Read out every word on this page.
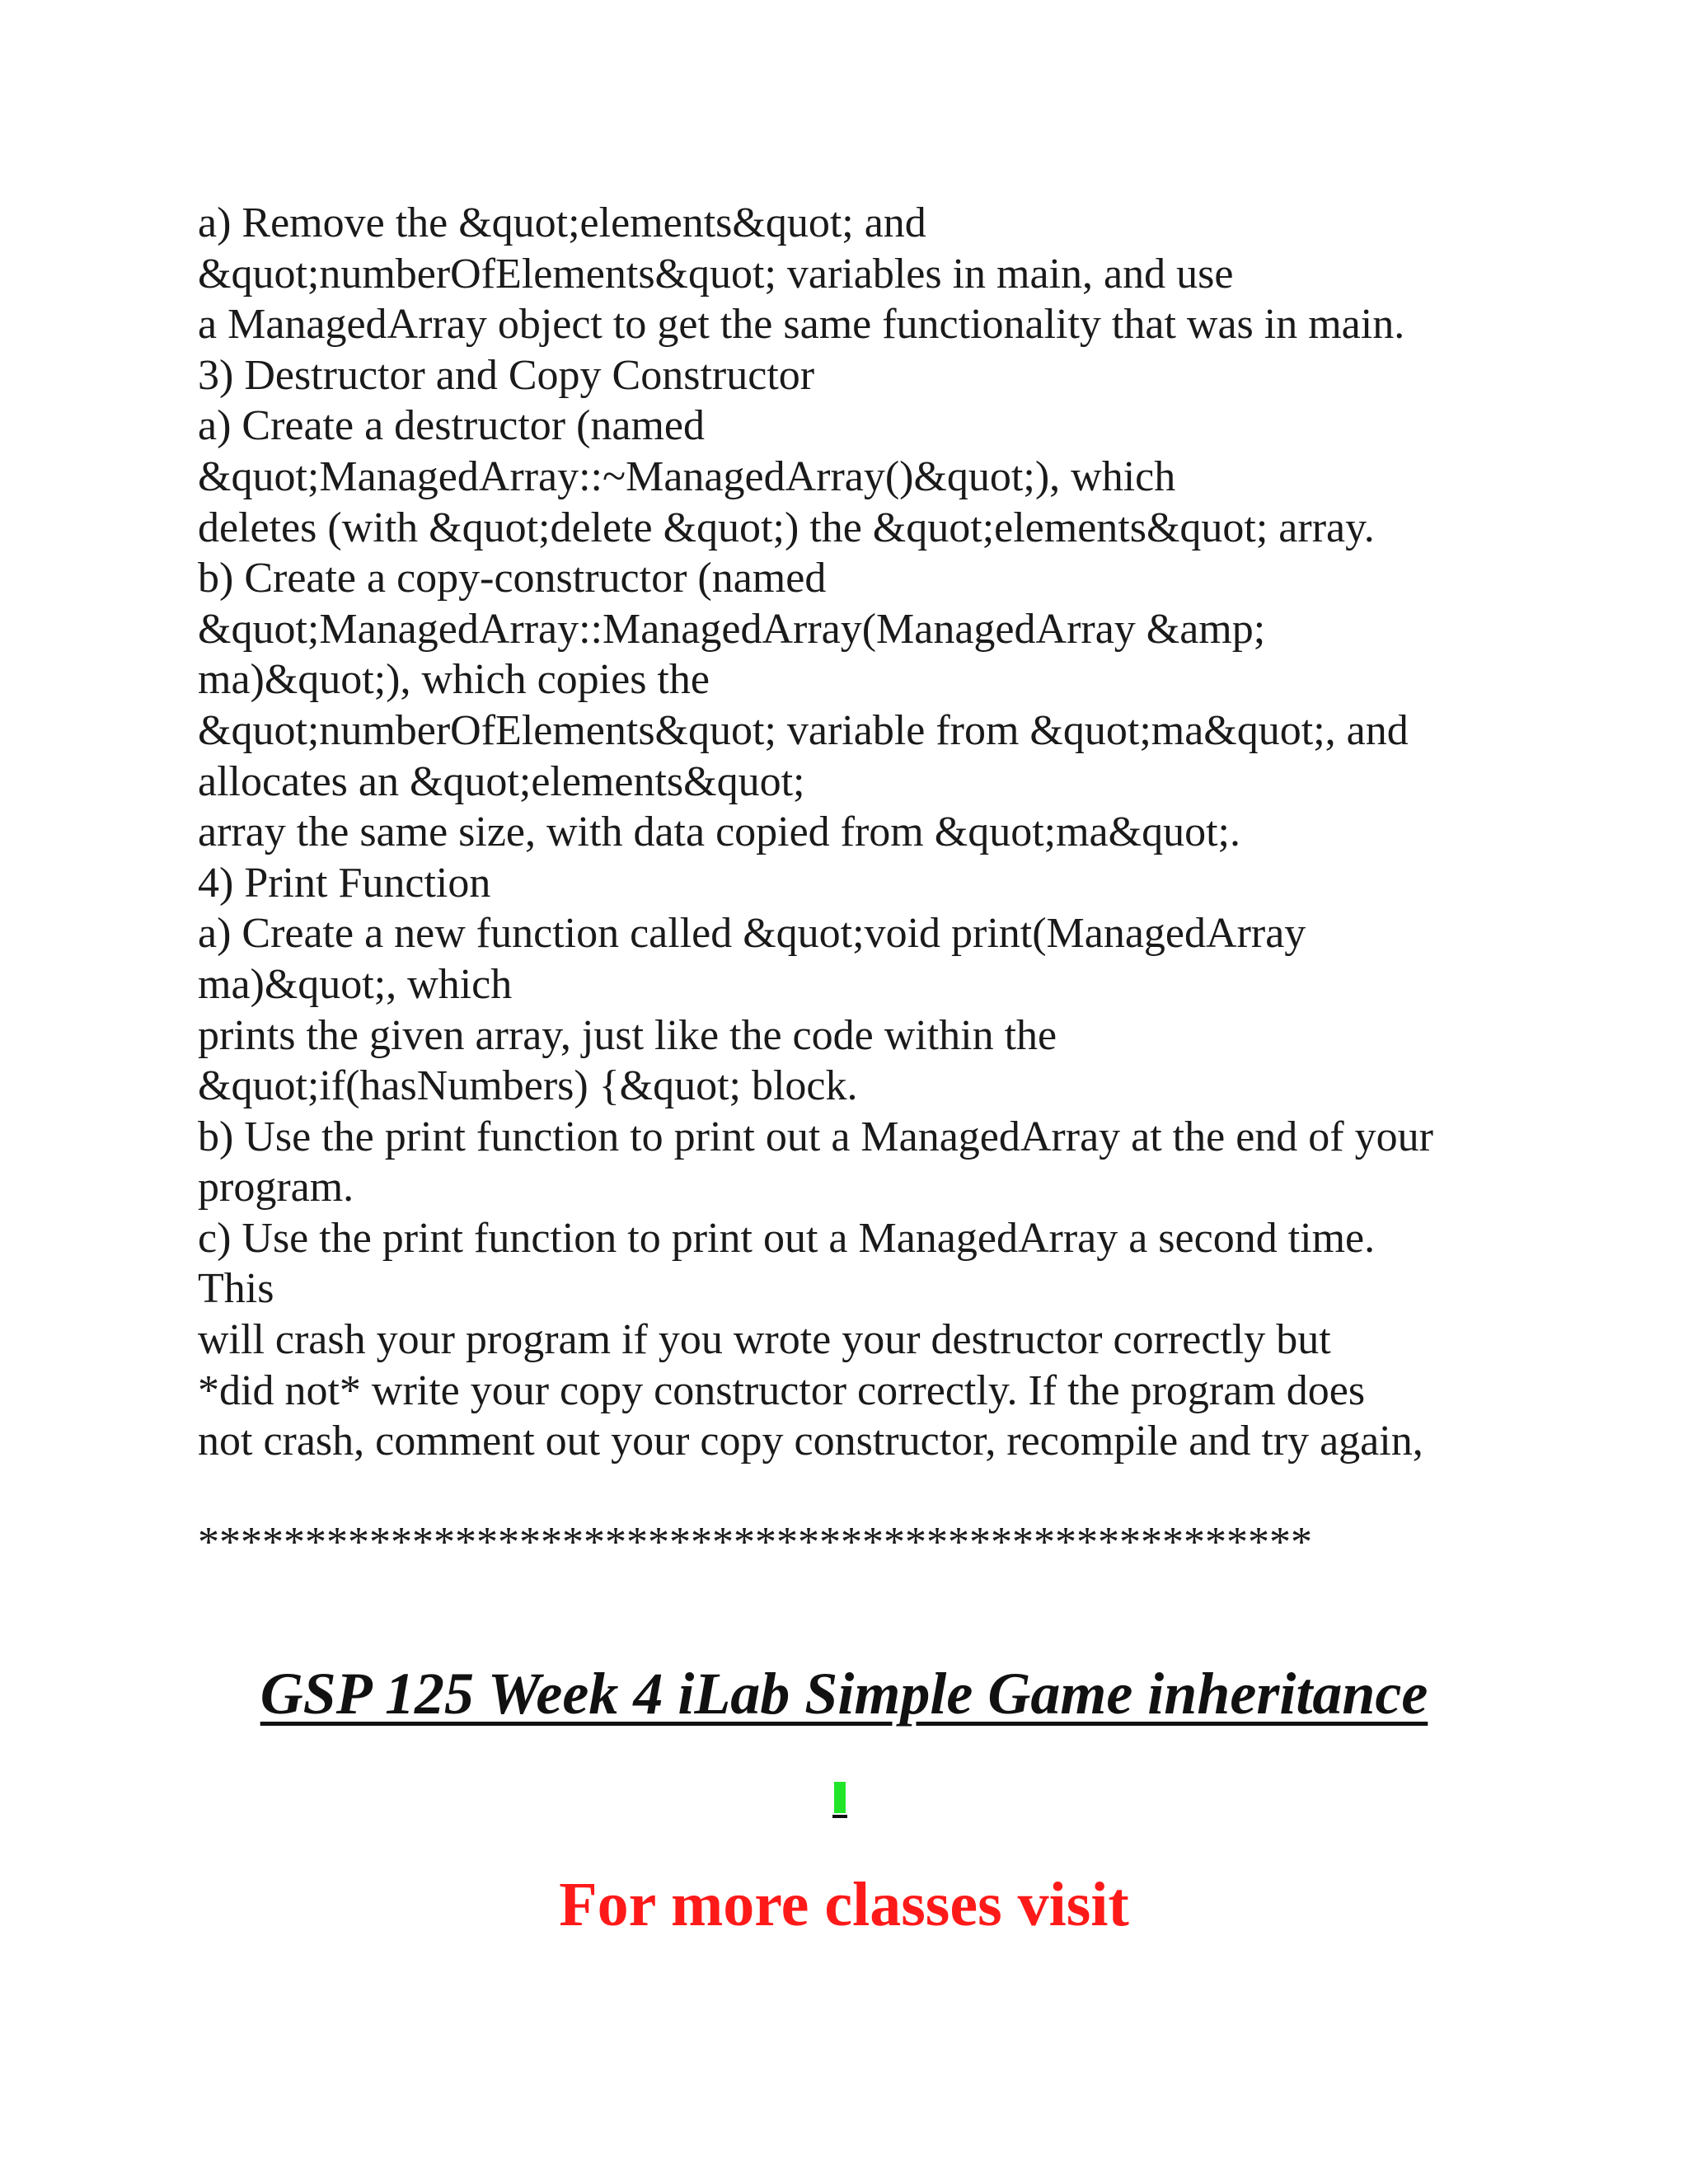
a) Remove the &quot;elements&quot; and
&quot;numberOfElements&quot; variables in main, and use
a ManagedArray object to get the same functionality that was in main.
3) Destructor and Copy Constructor
a) Create a destructor (named
&quot;ManagedArray::~ManagedArray()&quot;), which
deletes (with &quot;delete &quot;) the &quot;elements&quot; array.
b) Create a copy-constructor (named
&quot;ManagedArray::ManagedArray(ManagedArray &amp;
ma)&quot;), which copies the
&quot;numberOfElements&quot; variable from &quot;ma&quot;, and
allocates an &quot;elements&quot;
array the same size, with data copied from &quot;ma&quot;.
4) Print Function
a) Create a new function called &quot;void print(ManagedArray
ma)&quot;, which
prints the given array, just like the code within the
&quot;if(hasNumbers) {&quot; block.
b) Use the print function to print out a ManagedArray at the end of your
program.
c) Use the print function to print out a ManagedArray a second time.
This
will crash your program if you wrote your destructor correctly but
*did not* write your copy constructor correctly. If the program does
not crash, comment out your copy constructor, recompile and try again,
****************************************************
GSP 125 Week 4 iLab Simple Game inheritance
For more classes visit
